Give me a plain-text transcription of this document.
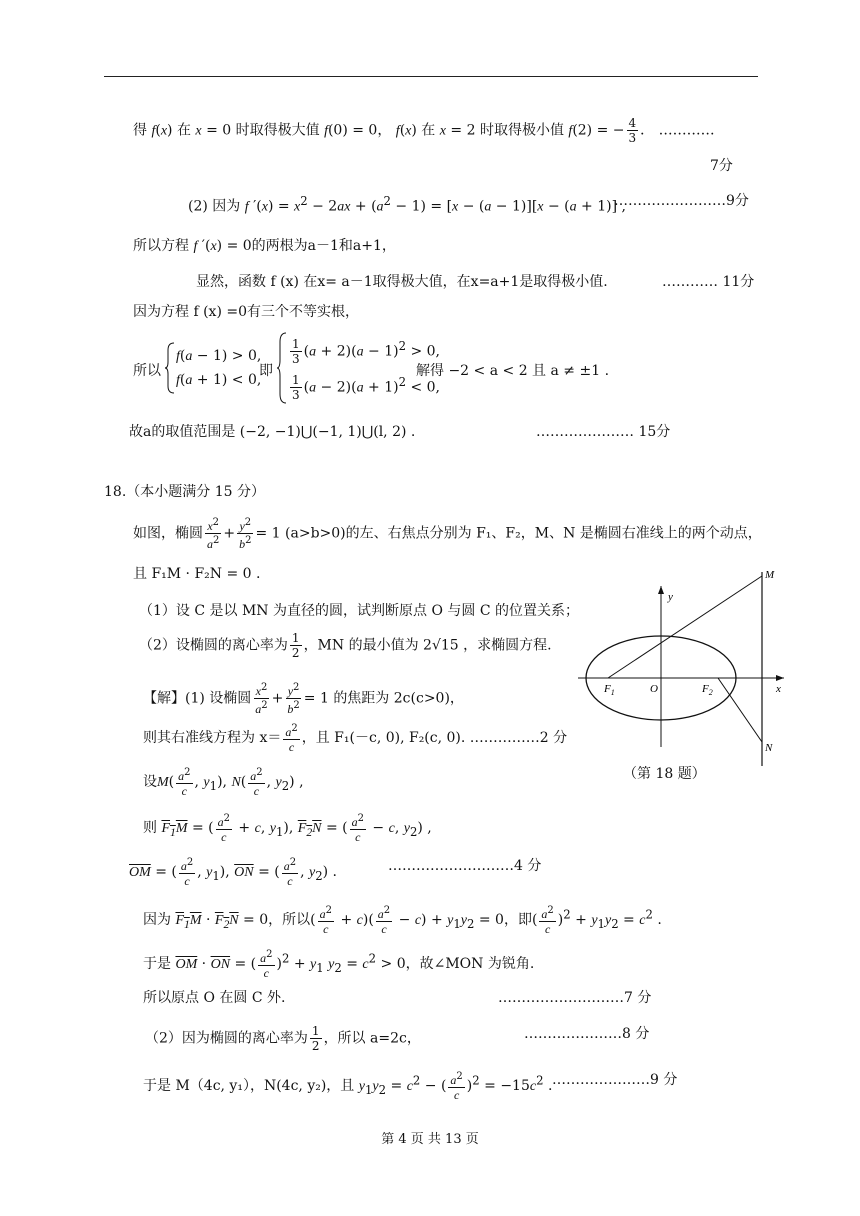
得 f(x) 在 x = 0 时取得极大值 f(0) = 0， f(x) 在 x = 2 时取得极小值 f(2) = − $\frac{4}{3}$ ． …………
7分
(2) 因为 f $'(x) = x^2 - 2ax + (a^2 - 1) = [x - (a - 1)][x - (a + 1)]$ ,
……………………9分
所以方程 f ′(x) = 0的两根为a－1和a+1，
显然，函数 f (x) 在x= a－1取得极大值，在x=a+1是取得极小值.	………… 11分
因为方程 f (x) =0有三个不等实根，
所以
f(a − 1) > 0,
f(a + 1) < 0,
即
$\frac{1}{3} (a + 2)(a - 1)^2 > 0$,
$\frac{1}{3} (a - 2)(a + 1)^2 < 0$,
解得 −2 < a < 2 且 a ≠ ±1 .
故a的取值范围是 (−2, −1)⋃(−1, 1)⋃(l, 2) .	………………… 15分
18.（本小题满分 15 分）
如图，椭圆 $\frac{x^2}{a^2} + \frac{y^2}{b^2} = 1$ (a>b>0)的左、右焦点分别为 F₁、F₂，M、N 是椭圆右准线上的两个动点，
且 F₁M · F₂N = 0 .
（1）设 C 是以 MN 为直径的圆，试判断原点 O 与圆 C 的位置关系；
（2）设椭圆的离心率为 $\frac{1}{2}$ ，MN 的最小值为 2√15 ，求椭圆方程.
【解】(1) 设椭圆 $\frac{x^2}{a^2} + \frac{y^2}{b^2} = 1$ 的焦距为 2c(c>0)，
则其右准线方程为 $x= \frac{a^2}{c}$ ，且 F₁(－c, 0), F₂(c, 0). ……………2 分
设$M( \frac{a^2}{c}$ , $y_1$), $N( \frac{a^2}{c}$ , $y_2$) ,
则 $F_1M$ = ( $\frac{a^2}{c} + c$, $y_1$), $F_2N$ = ( $\frac{a^2}{c} - c$, $y_2$) ,
$\overline{OM}$ = ( $\frac{a^2}{c}$ , $y_1$), $\overline{ON}$ = ( $\frac{a^2}{c}$ , $y_2$) .	………………………4 分
因为 $F_1M \cdot F_2N = 0$，所以( $\frac{a^2}{c} + c)( \frac{a^2}{c} - c) + y_1y_2 = 0$，即( $\frac{a^2}{c} )^2 + y_1y_2 = c^2$ .
于是 $\overline{OM} \cdot \overline{ON}$ = ( $\frac{a^2}{c} )^2 + y_1$ $y_2 = c^2 > 0$，故∠MON 为锐角.
所以原点 O 在圆 C 外.	………………………7 分
（2）因为椭圆的离心率为 $\frac{1}{2}$ ，所以 a=2c，	…………………8 分
于是 M（4c, y₁），N(4c, y₂)，且 $y_1y_2 = c^2$ − ( $\frac{a^2}{c} )^2 = -15c^2$ . …………………9 分
M
N
y
x
O
$F_1$	$F_2$
（第 18 题）
第 4 页 共 13 页
